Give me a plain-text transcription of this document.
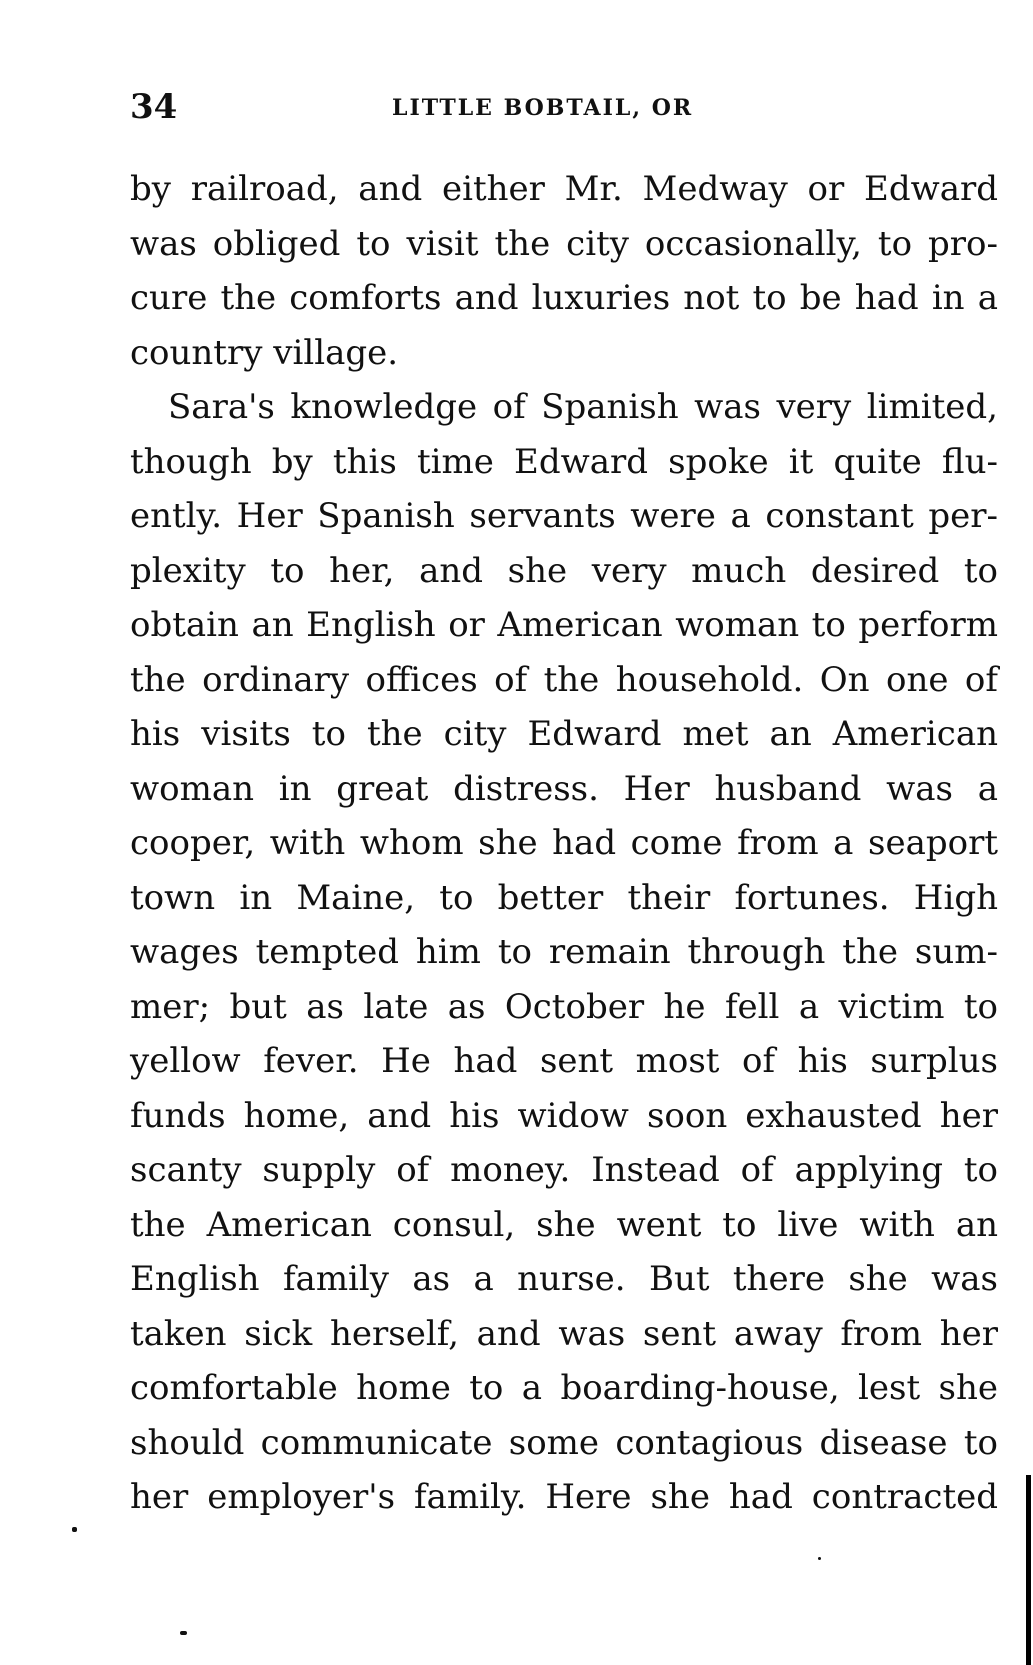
34	LITTLE BOBTAIL, OR
by railroad, and either Mr. Medway or Edward
was obliged to visit the city occasionally, to pro-
cure the comforts and luxuries not to be had in a
country village.
Sara's knowledge of Spanish was very limited,
though by this time Edward spoke it quite flu-
ently. Her Spanish servants were a constant per-
plexity to her, and she very much desired to
obtain an English or American woman to perform
the ordinary offices of the household. On one of
his visits to the city Edward met an American
woman in great distress. Her husband was a
cooper, with whom she had come from a seaport
town in Maine, to better their fortunes. High
wages tempted him to remain through the sum-
mer; but as late as October he fell a victim to
yellow fever. He had sent most of his surplus
funds home, and his widow soon exhausted her
scanty supply of money. Instead of applying to
the American consul, she went to live with an
English family as a nurse. But there she was
taken sick herself, and was sent away from her
comfortable home to a boarding-house, lest she
should communicate some contagious disease to
her employer's family. Here she had contracted
